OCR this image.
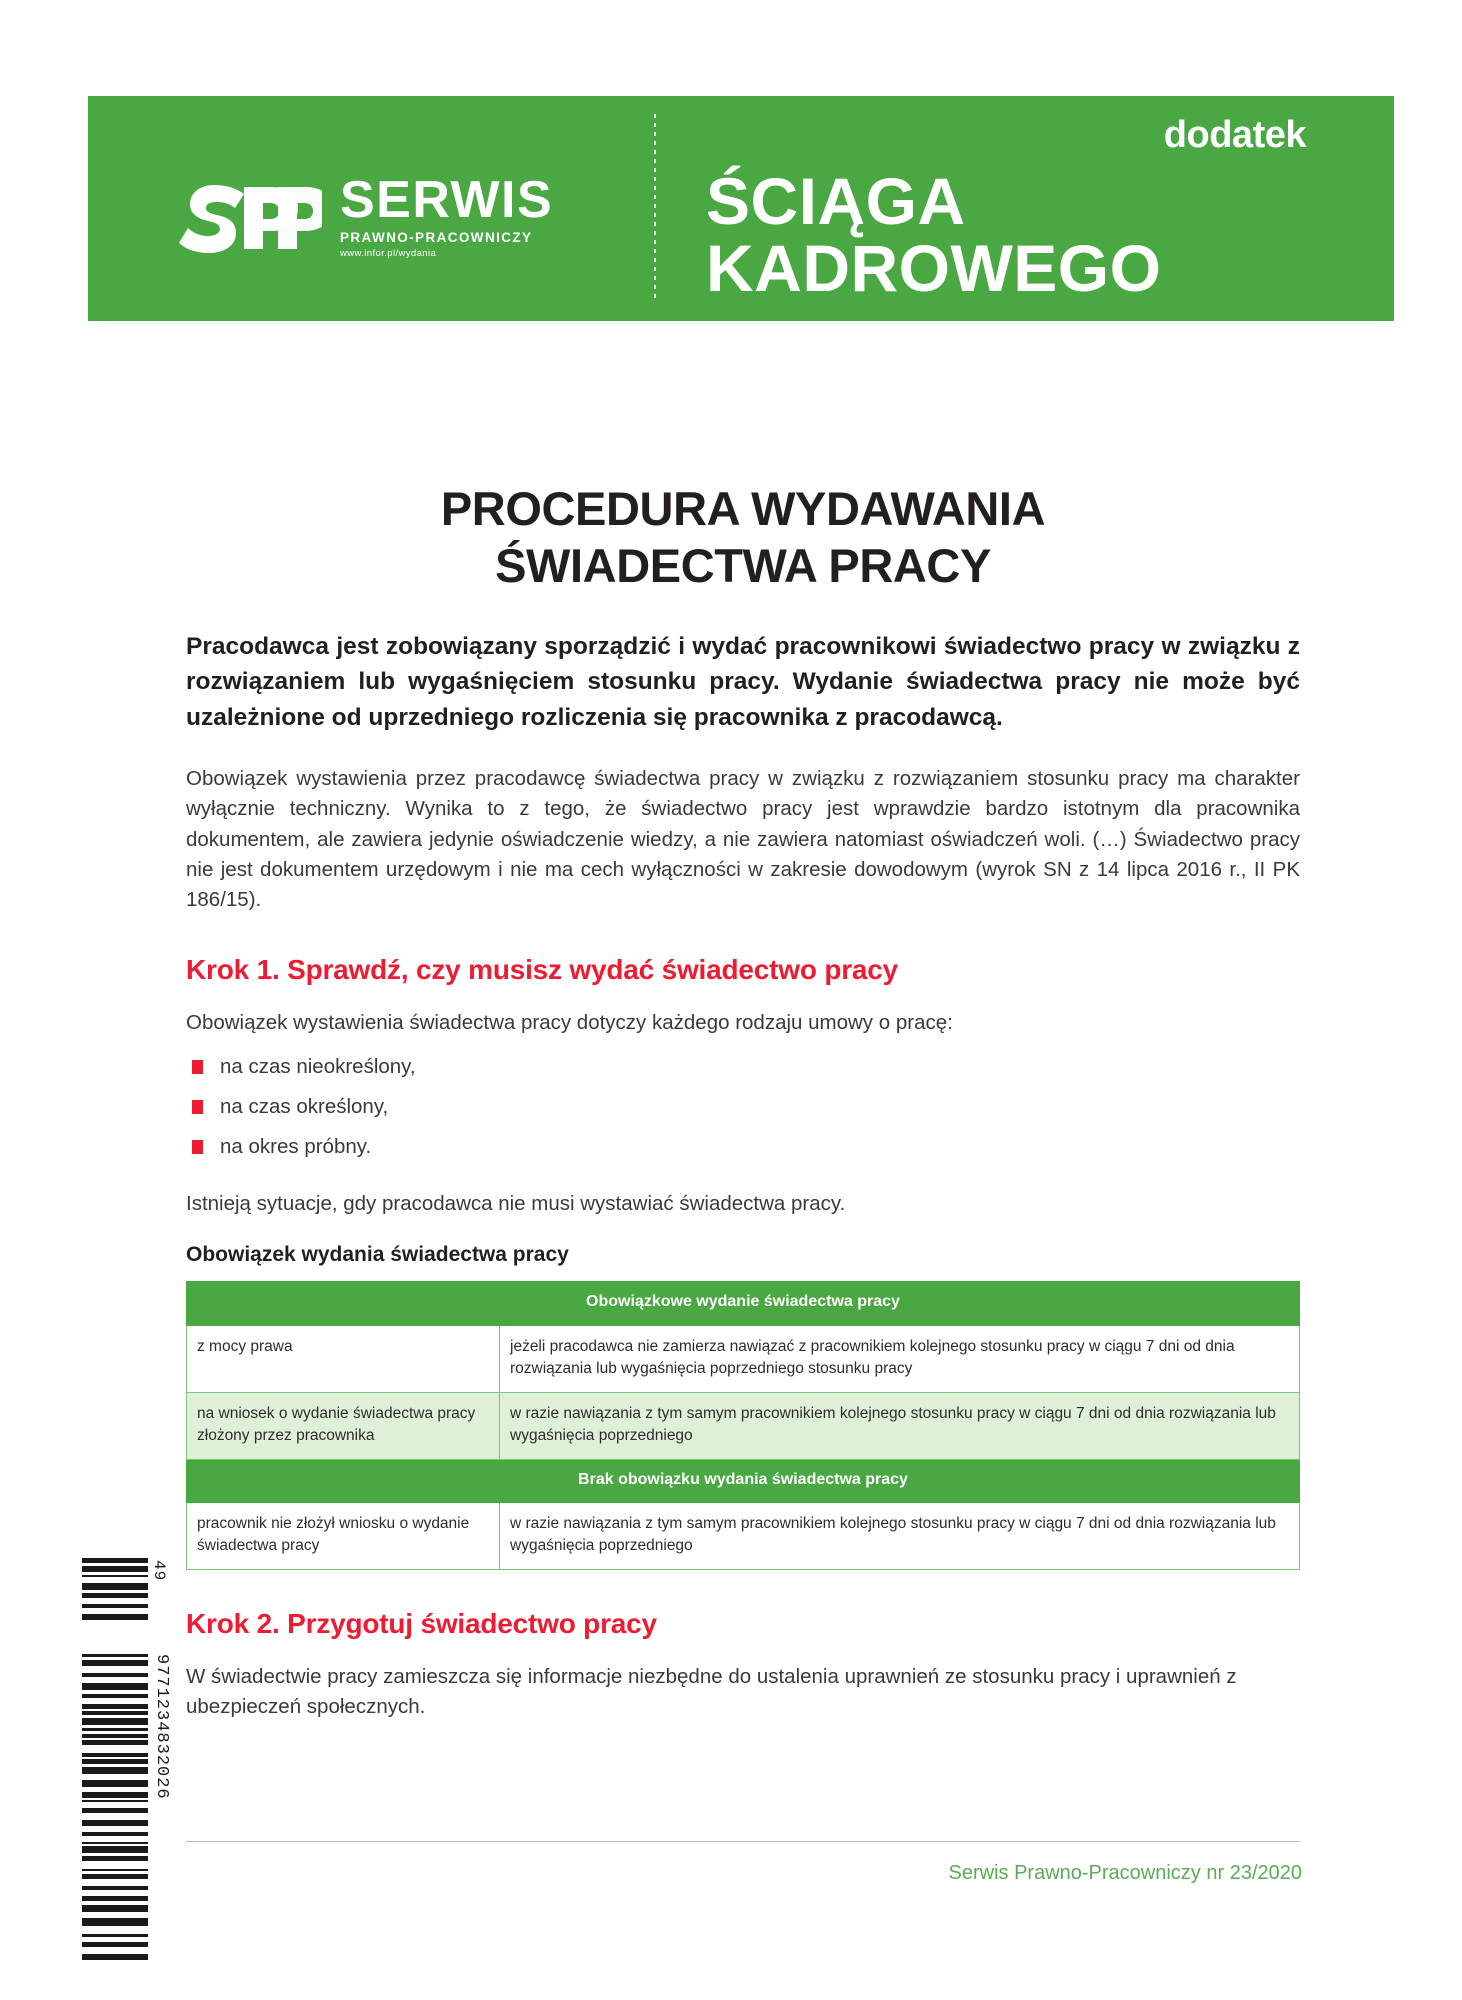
SERWIS
PRAWNO-PRACOWNICZY
www.infor.pl/wydania
dodatek
ŚCIĄGA
KADROWEGO
PROCEDURA WYDAWANIA
ŚWIADECTWA PRACY

Pracodawca jest zobowiązany sporządzić i wydać pracownikowi świadectwo pracy w związku z rozwiązaniem lub wygaśnięciem stosunku pracy. Wydanie świadectwa pracy nie może być uzależnione od uprzedniego rozliczenia się pracownika z pracodawcą.

Obowiązek wystawienia przez pracodawcę świadectwa pracy w związku z rozwiązaniem stosunku pracy ma charakter wyłącznie techniczny. Wynika to z tego, że świadectwo pracy jest wprawdzie bardzo istotnym dla pracownika dokumentem, ale zawiera jedynie oświadczenie wiedzy, a nie zawiera natomiast oświadczeń woli. (…) Świadectwo pracy nie jest dokumentem urzędowym i nie ma cech wyłączności w zakresie dowodowym (wyrok SN z 14 lipca 2016 r., II PK 186/15).

Krok 1. Sprawdź, czy musisz wydać świadectwo pracy

Obowiązek wystawienia świadectwa pracy dotyczy każdego rodzaju umowy o pracę:

na czas nieokreślony,
na czas określony,
na okres próbny.

Istnieją sytuacje, gdy pracodawca nie musi wystawiać świadectwa pracy.

Obowiązek wydania świadectwa pracy
Obowiązkowe wydanie świadectwa pracy	
z mocy prawa	jeżeli pracodawca nie zamierza nawiązać z pracownikiem kolejnego stosunku pracy w ciągu 7 dni od dnia rozwiązania lub wygaśnięcia poprzedniego stosunku pracy
na wniosek o wydanie świadectwa pracy złożony przez pracownika	w razie nawiązania z tym samym pracownikiem kolejnego stosunku pracy w ciągu 7 dni od dnia rozwiązania lub wygaśnięcia poprzedniego
Brak obowiązku wydania świadectwa pracy	
pracownik nie złożył wniosku o wydanie świadectwa pracy	w razie nawiązania z tym samym pracownikiem kolejnego stosunku pracy w ciągu 7 dni od dnia rozwiązania lub wygaśnięcia poprzedniego
Krok 2. Przygotuj świadectwo pracy

W świadectwie pracy zamieszcza się informacje niezbędne do ustalenia uprawnień ze stosunku pracy i uprawnień z ubezpieczeń społecznych.

Serwis Prawno-Pracowniczy nr 23/2020
49
9771234832026
